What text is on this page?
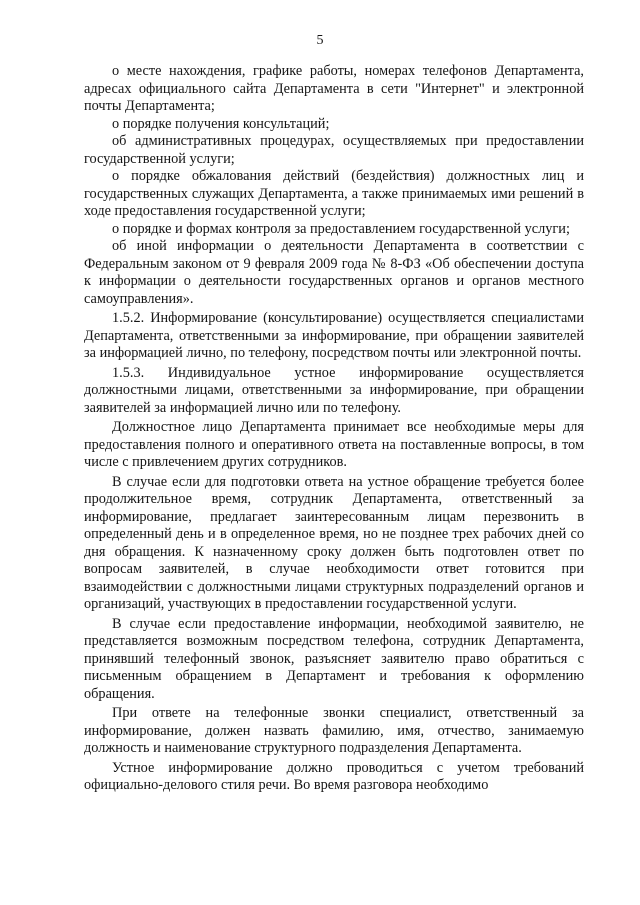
5

о месте нахождения, графике работы, номерах телефонов Департамента, адресах официального сайта Департамента в сети "Интернет" и электронной почты Департамента;

о порядке получения консультаций;

об административных процедурах, осуществляемых при предоставлении государственной услуги;

о порядке обжалования действий (бездействия) должностных лиц и государственных служащих Департамента, а также принимаемых ими решений в ходе предоставления государственной услуги;

о порядке и формах контроля за предоставлением государственной услуги;

об иной информации о деятельности Департамента в соответствии с Федеральным законом от 9 февраля 2009 года № 8-ФЗ «Об обеспечении доступа к информации о деятельности государственных органов и органов местного самоуправления».

1.5.2. Информирование (консультирование) осуществляется специалистами Департамента, ответственными за информирование, при обращении заявителей за информацией лично, по телефону, посредством почты или электронной почты.

1.5.3. Индивидуальное устное информирование осуществляется должностными лицами, ответственными за информирование, при обращении заявителей за информацией лично или по телефону.

Должностное лицо Департамента принимает все необходимые меры для предоставления полного и оперативного ответа на поставленные вопросы, в том числе с привлечением других сотрудников.

В случае если для подготовки ответа на устное обращение требуется более продолжительное время, сотрудник Департамента, ответственный за информирование, предлагает заинтересованным лицам перезвонить в определенный день и в определенное время, но не позднее трех рабочих дней со дня обращения. К назначенному сроку должен быть подготовлен ответ по вопросам заявителей, в случае необходимости ответ готовится при взаимодействии с должностными лицами структурных подразделений органов и организаций, участвующих в предоставлении государственной услуги.

В случае если предоставление информации, необходимой заявителю, не представляется возможным посредством телефона, сотрудник Департамента, принявший телефонный звонок, разъясняет заявителю право обратиться с письменным обращением в Департамент и требования к оформлению обращения.

При ответе на телефонные звонки специалист, ответственный за информирование, должен назвать фамилию, имя, отчество, занимаемую должность и наименование структурного подразделения Департамента.

Устное информирование должно проводиться с учетом требований официально-делового стиля речи. Во время разговора необходимо
